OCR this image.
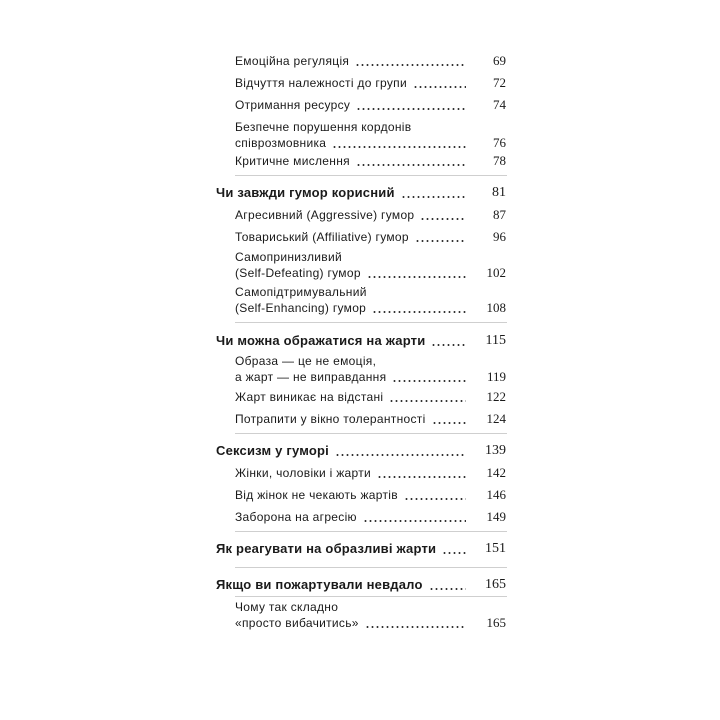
Емоційна регуляція	69
Відчуття належності до групи	72
Отримання ресурсу	74
Безпечне порушення кордонів
співрозмовника	76
Критичне мислення	78
Чи завжди гумор корисний	81
Агресивний (Aggressive) гумор	87
Товариський (Affiliative) гумор	96
Самопринизливий
(Self-Defeating) гумор	102
Самопідтримувальний
(Self-Enhancing) гумор	108
Чи можна ображатися на жарти	115
Образа — це не емоція,
а жарт — не виправдання	119
Жарт виникає на відстані	122
Потрапити у вікно толерантності	124
Сексизм у гуморі	139
Жінки, чоловіки і жарти	142
Від жінок не чекають жартів	146
Заборона на агресію	149
Як реагувати на образливі жарти	151
Якщо ви пожартували невдало	165
Чому так складно
«просто вибачитись»	165
